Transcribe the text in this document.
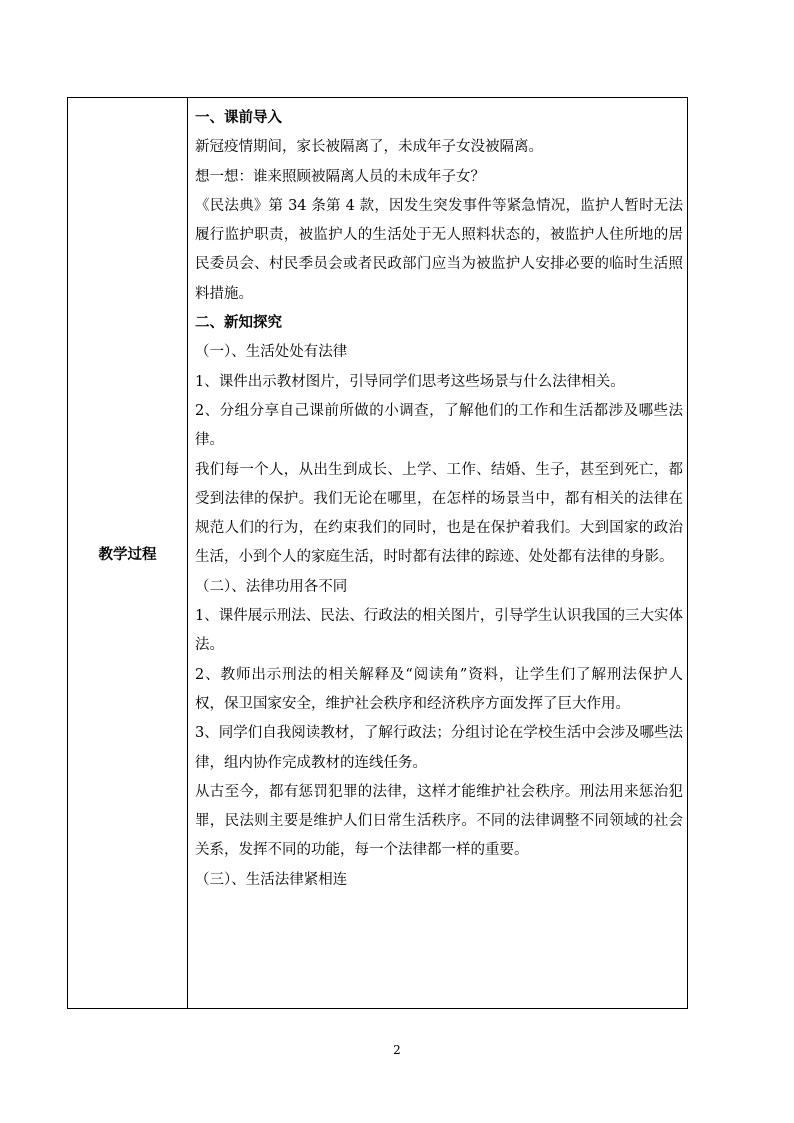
教学过程	

一、课前导入

新冠疫情期间，家长被隔离了，未成年子女没被隔离。

想一想：谁来照顾被隔离人员的未成年子女？

《民法典》第 34 条第 4 款，因发生突发事件等紧急情况，监护人暂时无法履行监护职责，被监护人的生活处于无人照料状态的，被监护人住所地的居民委员会、村民季员会或者民政部门应当为被监护人安排必要的临时生活照料措施。

二、新知探究

（一）、生活处处有法律

1、课件出示教材图片，引导同学们思考这些场景与什么法律相关。

2、分组分享自己课前所做的小调查，了解他们的工作和生活都涉及哪些法律。

我们每一个人，从出生到成长、上学、工作、结婚、生子，甚至到死亡，都受到法律的保护。我们无论在哪里，在怎样的场景当中，都有相关的法律在规范人们的行为，在约束我们的同时，也是在保护着我们。大到国家的政治生活，小到个人的家庭生活，时时都有法律的踪迹、处处都有法律的身影。

（二）、法律功用各不同

1、课件展示刑法、民法、行政法的相关图片，引导学生认识我国的三大实体法。

2、教师出示刑法的相关解释及“阅读角”资料，让学生们了解刑法保护人权，保卫国家安全，维护社会秩序和经济秩序方面发挥了巨大作用。

3、同学们自我阅读教材，了解行政法；分组讨论在学校生活中会涉及哪些法律，组内协作完成教材的连线任务。

从古至今，都有惩罚犯罪的法律，这样才能维护社会秩序。刑法用来惩治犯罪，民法则主要是维护人们日常生活秩序。不同的法律调整不同领域的社会关系，发挥不同的功能，每一个法律都一样的重要。

（三）、生活法律紧相连

2
